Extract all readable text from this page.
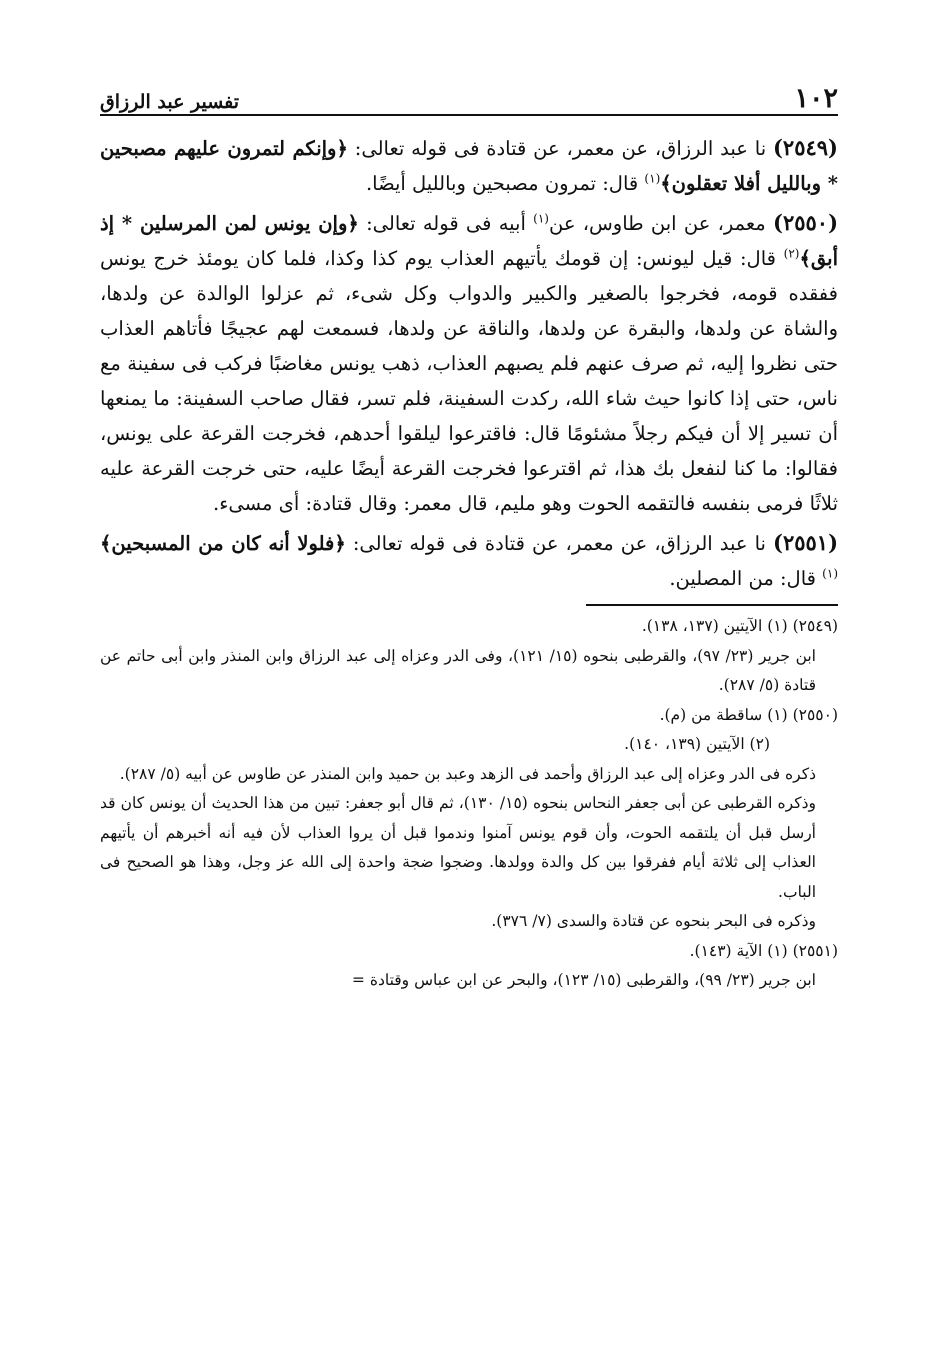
١٠٢
تفسير عبد الرزاق

(٢٥٤٩) نا عبد الرزاق، عن معمر، عن قتادة فى قوله تعالى: ﴿وإنكم لتمرون عليهم مصبحين * وبالليل أفلا تعقلون﴾$^{(١)}$ قال: تمرون مصبحين وبالليل أيضًا.

(٢٥٥٠) معمر، عن ابن طاوس، عن$^{(١)}$ أبيه فى قوله تعالى: ﴿وإن يونس لمن المرسلين * إذ أبق﴾$^{(٢)}$ قال: قيل ليونس: إن قومك يأتيهم العذاب يوم كذا وكذا، فلما كان يومئذ خرج يونس ففقده قومه، فخرجوا بالصغير والكبير والدواب وكل شىء، ثم عزلوا الوالدة عن ولدها، والشاة عن ولدها، والبقرة عن ولدها، والناقة عن ولدها، فسمعت لهم عجيجًا فأتاهم العذاب حتى نظروا إليه، ثم صرف عنهم فلم يصبهم العذاب، ذهب يونس مغاضبًا فركب فى سفينة مع ناس، حتى إذا كانوا حيث شاء الله، ركدت السفينة، فلم تسر، فقال صاحب السفينة: ما يمنعها أن تسير إلا أن فيكم رجلاً مشئومًا قال: فاقترعوا ليلقوا أحدهم، فخرجت القرعة على يونس، فقالوا: ما كنا لنفعل بك هذا، ثم اقترعوا فخرجت القرعة أيضًا عليه، حتى خرجت القرعة عليه ثلاثًا فرمى بنفسه فالتقمه الحوت وهو مليم، قال معمر: وقال قتادة: أى مسىء.

(٢٥٥١) نا عبد الرزاق، عن معمر، عن قتادة فى قوله تعالى: ﴿فلولا أنه كان من المسبحين﴾$^{(١)}$ قال: من المصلين.

(٢٥٤٩) (١) الآيتين (١٣٧، ١٣٨).

ابن جرير (٢٣/ ٩٧)، والقرطبى بنحوه (١٥/ ١٢١)، وفى الدر وعزاه إلى عبد الرزاق وابن المنذر وابن أبى حاتم عن قتادة (٥/ ٢٨٧).

(٢٥٥٠) (١) ساقطة من (م).

(٢) الآيتين (١٣٩، ١٤٠).

ذكره فى الدر وعزاه إلى عبد الرزاق وأحمد فى الزهد وعبد بن حميد وابن المنذر عن طاوس عن أبيه (٥/ ٢٨٧).

وذكره القرطبى عن أبى جعفر النحاس بنحوه (١٥/ ١٣٠)، ثم قال أبو جعفر: تبين من هذا الحديث أن يونس كان قد أرسل قبل أن يلتقمه الحوت، وأن قوم يونس آمنوا وندموا قبل أن يروا العذاب لأن فيه أنه أخبرهم أن يأتيهم العذاب إلى ثلاثة أيام ففرقوا بين كل والدة وولدها. وضجوا ضجة واحدة إلى الله عز وجل، وهذا هو الصحيح فى الباب.

وذكره فى البحر بنحوه عن قتادة والسدى (٧/ ٣٧٦).

(٢٥٥١) (١) الآية (١٤٣).

ابن جرير (٢٣/ ٩٩)، والقرطبى (١٥/ ١٢٣)، والبحر عن ابن عباس وقتادة =
